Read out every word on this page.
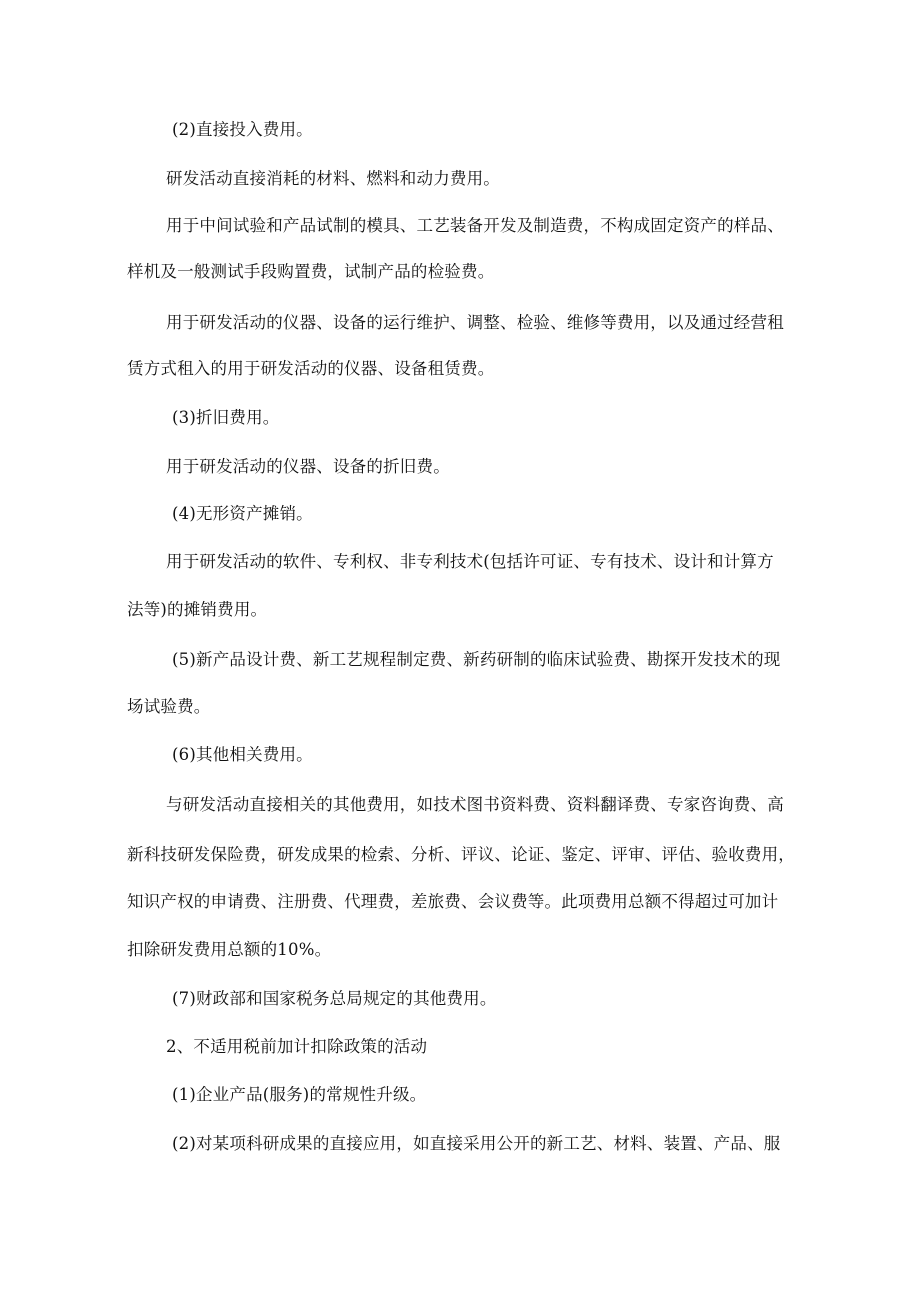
(2)直接投入费用。
研发活动直接消耗的材料、燃料和动力费用。
用于中间试验和产品试制的模具、工艺装备开发及制造费，不构成固定资产的样品、
样机及一般测试手段购置费，试制产品的检验费。
用于研发活动的仪器、设备的运行维护、调整、检验、维修等费用，以及通过经营租
赁方式租入的用于研发活动的仪器、设备租赁费。
(3)折旧费用。
用于研发活动的仪器、设备的折旧费。
(4)无形资产摊销。
用于研发活动的软件、专利权、非专利技术(包括许可证、专有技术、设计和计算方
法等)的摊销费用。
(5)新产品设计费、新工艺规程制定费、新药研制的临床试验费、勘探开发技术的现
场试验费。
(6)其他相关费用。
与研发活动直接相关的其他费用，如技术图书资料费、资料翻译费、专家咨询费、高
新科技研发保险费，研发成果的检索、分析、评议、论证、鉴定、评审、评估、验收费用，
知识产权的申请费、注册费、代理费，差旅费、会议费等。此项费用总额不得超过可加计
扣除研发费用总额的10%。
(7)财政部和国家税务总局规定的其他费用。
2、不适用税前加计扣除政策的活动
(1)企业产品(服务)的常规性升级。
(2)对某项科研成果的直接应用，如直接采用公开的新工艺、材料、装置、产品、服
